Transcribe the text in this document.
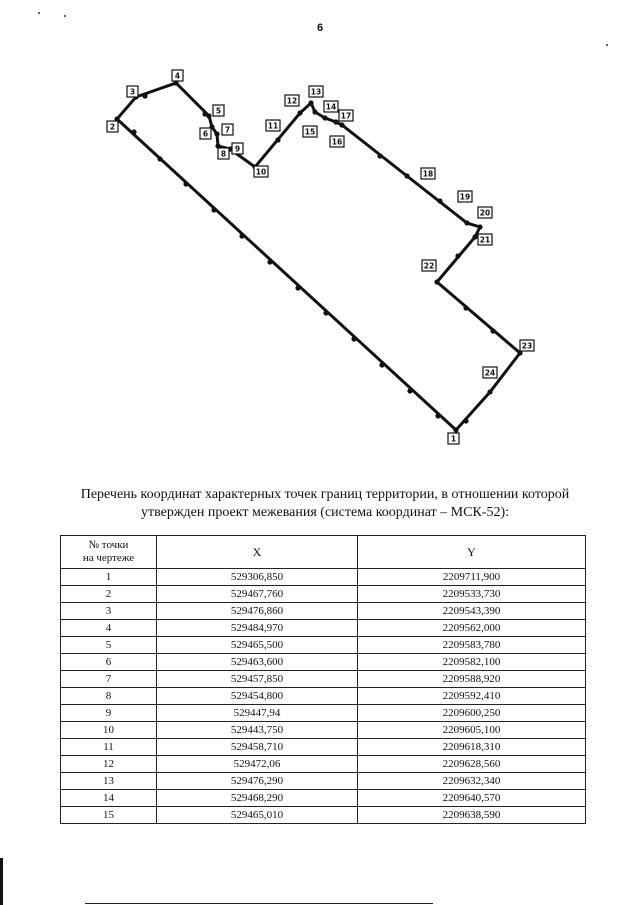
6
1
2
3
4
5
6 7
8
9
10
11
12
13
14
15
16
17
18
19
20
21
22
23
24
Перечень координат характерных точек границ территории, в отношении которой
утвержден проект межевания (система координат – МСК-52):
№ точки
на чертеже	X	Y
1	529306,850	2209711,900
2	529467,760	2209533,730
3	529476,860	2209543,390
4	529484,970	2209562,000
5	529465,500	2209583,780
6	529463,600	2209582,100
7	529457,850	2209588,920
8	529454,800	2209592,410
9	529447,94	2209600,250
10	529443,750	2209605,100
11	529458,710	2209618,310
12	529472,06	2209628,560
13	529476,290	2209632,340
14	529468,290	2209640,570
15	529465,010	2209638,590
